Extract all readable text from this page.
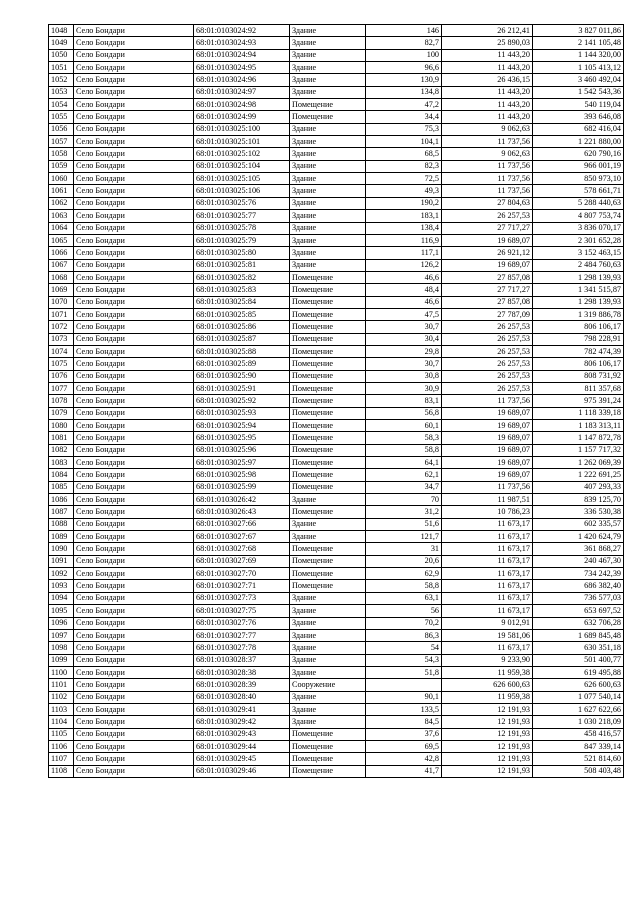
1048	Село Бондари	68:01:0103024:92	Здание	146	26 212,41	3 827 011,86
1049	Село Бондари	68:01:0103024:93	Здание	82,7	25 890,03	2 141 105,48
1050	Село Бондари	68:01:0103024:94	Здание	100	11 443,20	1 144 320,00
1051	Село Бондари	68:01:0103024:95	Здание	96,6	11 443,20	1 105 413,12
1052	Село Бондари	68:01:0103024:96	Здание	130,9	26 436,15	3 460 492,04
1053	Село Бондари	68:01:0103024:97	Здание	134,8	11 443,20	1 542 543,36
1054	Село Бондари	68:01:0103024:98	Помещение	47,2	11 443,20	540 119,04
1055	Село Бондари	68:01:0103024:99	Помещение	34,4	11 443,20	393 646,08
1056	Село Бондари	68:01:0103025:100	Здание	75,3	9 062,63	682 416,04
1057	Село Бондари	68:01:0103025:101	Здание	104,1	11 737,56	1 221 880,00
1058	Село Бондари	68:01:0103025:102	Здание	68,5	9 062,63	620 790,16
1059	Село Бондари	68:01:0103025:104	Здание	82,3	11 737,56	966 001,19
1060	Село Бондари	68:01:0103025:105	Здание	72,5	11 737,56	850 973,10
1061	Село Бондари	68:01:0103025:106	Здание	49,3	11 737,56	578 661,71
1062	Село Бондари	68:01:0103025:76	Здание	190,2	27 804,63	5 288 440,63
1063	Село Бондари	68:01:0103025:77	Здание	183,1	26 257,53	4 807 753,74
1064	Село Бондари	68:01:0103025:78	Здание	138,4	27 717,27	3 836 070,17
1065	Село Бондари	68:01:0103025:79	Здание	116,9	19 689,07	2 301 652,28
1066	Село Бондари	68:01:0103025:80	Здание	117,1	26 921,12	3 152 463,15
1067	Село Бондари	68:01:0103025:81	Здание	126,2	19 689,07	2 484 760,63
1068	Село Бондари	68:01:0103025:82	Помещение	46,6	27 857,08	1 298 139,93
1069	Село Бондари	68:01:0103025:83	Помещение	48,4	27 717,27	1 341 515,87
1070	Село Бондари	68:01:0103025:84	Помещение	46,6	27 857,08	1 298 139,93
1071	Село Бондари	68:01:0103025:85	Помещение	47,5	27 787,09	1 319 886,78
1072	Село Бондари	68:01:0103025:86	Помещение	30,7	26 257,53	806 106,17
1073	Село Бондари	68:01:0103025:87	Помещение	30,4	26 257,53	798 228,91
1074	Село Бондари	68:01:0103025:88	Помещение	29,8	26 257,53	782 474,39
1075	Село Бондари	68:01:0103025:89	Помещение	30,7	26 257,53	806 106,17
1076	Село Бондари	68:01:0103025:90	Помещение	30,8	26 257,53	808 731,92
1077	Село Бондари	68:01:0103025:91	Помещение	30,9	26 257,53	811 357,68
1078	Село Бондари	68:01:0103025:92	Помещение	83,1	11 737,56	975 391,24
1079	Село Бондари	68:01:0103025:93	Помещение	56,8	19 689,07	1 118 339,18
1080	Село Бондари	68:01:0103025:94	Помещение	60,1	19 689,07	1 183 313,11
1081	Село Бондари	68:01:0103025:95	Помещение	58,3	19 689,07	1 147 872,78
1082	Село Бондари	68:01:0103025:96	Помещение	58,8	19 689,07	1 157 717,32
1083	Село Бондари	68:01:0103025:97	Помещение	64,1	19 689,07	1 262 069,39
1084	Село Бондари	68:01:0103025:98	Помещение	62,1	19 689,07	1 222 691,25
1085	Село Бондари	68:01:0103025:99	Помещение	34,7	11 737,56	407 293,33
1086	Село Бондари	68:01:0103026:42	Здание	70	11 987,51	839 125,70
1087	Село Бондари	68:01:0103026:43	Помещение	31,2	10 786,23	336 530,38
1088	Село Бондари	68:01:0103027:66	Здание	51,6	11 673,17	602 335,57
1089	Село Бондари	68:01:0103027:67	Здание	121,7	11 673,17	1 420 624,79
1090	Село Бондари	68:01:0103027:68	Помещение	31	11 673,17	361 868,27
1091	Село Бондари	68:01:0103027:69	Помещение	20,6	11 673,17	240 467,30
1092	Село Бондари	68:01:0103027:70	Помещение	62,9	11 673,17	734 242,39
1093	Село Бондари	68:01:0103027:71	Помещение	58,8	11 673,17	686 382,40
1094	Село Бондари	68:01:0103027:73	Здание	63,1	11 673,17	736 577,03
1095	Село Бондари	68:01:0103027:75	Здание	56	11 673,17	653 697,52
1096	Село Бондари	68:01:0103027:76	Здание	70,2	9 012,91	632 706,28
1097	Село Бондари	68:01:0103027:77	Здание	86,3	19 581,06	1 689 845,48
1098	Село Бондари	68:01:0103027:78	Здание	54	11 673,17	630 351,18
1099	Село Бондари	68:01:0103028:37	Здание	54,3	9 233,90	501 400,77
1100	Село Бондари	68:01:0103028:38	Здание	51,8	11 959,38	619 495,88
1101	Село Бондари	68:01:0103028:39	Сооружение		626 600,63	626 600,63
1102	Село Бондари	68:01:0103028:40	Здание	90,1	11 959,38	1 077 540,14
1103	Село Бондари	68:01:0103029:41	Здание	133,5	12 191,93	1 627 622,66
1104	Село Бондари	68:01:0103029:42	Здание	84,5	12 191,93	1 030 218,09
1105	Село Бондари	68:01:0103029:43	Помещение	37,6	12 191,93	458 416,57
1106	Село Бондари	68:01:0103029:44	Помещение	69,5	12 191,93	847 339,14
1107	Село Бондари	68:01:0103029:45	Помещение	42,8	12 191,93	521 814,60
1108	Село Бондари	68:01:0103029:46	Помещение	41,7	12 191,93	508 403,48
